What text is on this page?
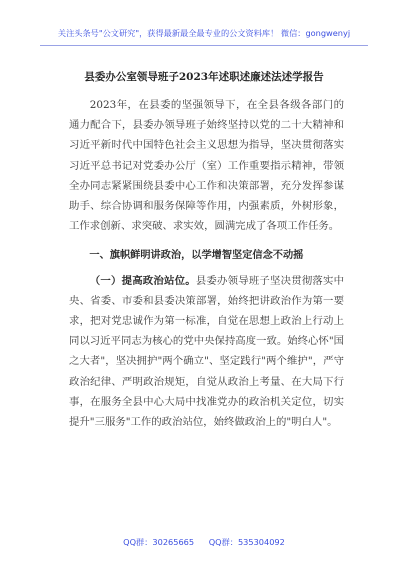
关注头条号"公文研究"，获得最新最全最专业的公文资料库！ 微信：gongwenyj
县委办公室领导班子2023年述职述廉述法述学报告

2023年，在县委的坚强领导下，在全县各级各部门的通力配合下，县委办领导班子始终坚持以党的二十大精神和习近平新时代中国特色社会主义思想为指导，坚决贯彻落实习近平总书记对党委办公厅（室）工作重要指示精神，带领全办同志紧紧围绕县委中心工作和决策部署，充分发挥参谋助手、综合协调和服务保障等作用，内强素质，外树形象，工作求创新、求突破、求实效，圆满完成了各项工作任务。

一、旗帜鲜明讲政治，以学增智坚定信念不动摇

（一）提高政治站位。县委办领导班子坚决贯彻落实中央、省委、市委和县委决策部署，始终把讲政治作为第一要求，把对党忠诚作为第一标准，自觉在思想上政治上行动上同以习近平同志为核心的党中央保持高度一致。始终心怀"国之大者"，坚决拥护"两个确立"、坚定践行"两个维护"，严守政治纪律、严明政治规矩，自觉从政治上考量、在大局下行事，在服务全县中心大局中找准党办的政治机关定位，切实提升"三服务"工作的政治站位，始终做政治上的"明白人"。

QQ群：30265665 QQ群：535304092
